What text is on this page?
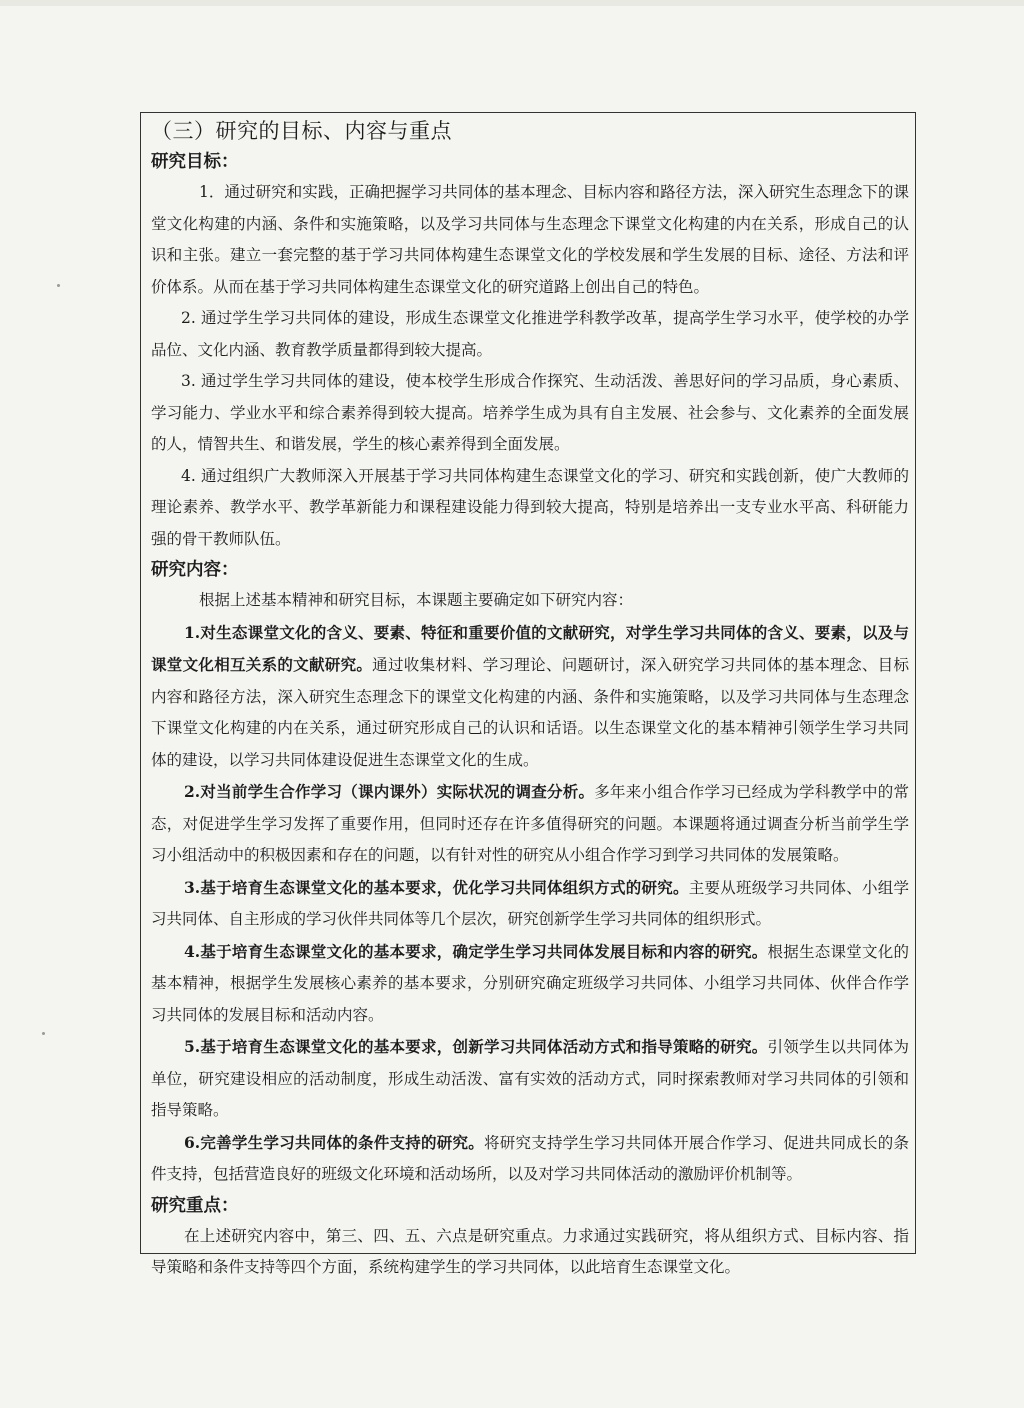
（三）研究的目标、内容与重点
研究目标：

1．通过研究和实践，正确把握学习共同体的基本理念、目标内容和路径方法，深入研究生态理念下的课堂文化构建的内涵、条件和实施策略，以及学习共同体与生态理念下课堂文化构建的内在关系，形成自己的认识和主张。建立一套完整的基于学习共同体构建生态课堂文化的学校发展和学生发展的目标、途径、方法和评价体系。从而在基于学习共同体构建生态课堂文化的研究道路上创出自己的特色。

2. 通过学生学习共同体的建设，形成生态课堂文化推进学科教学改革，提高学生学习水平，使学校的办学品位、文化内涵、教育教学质量都得到较大提高。

3. 通过学生学习共同体的建设，使本校学生形成合作探究、生动活泼、善思好问的学习品质，身心素质、学习能力、学业水平和综合素养得到较大提高。培养学生成为具有自主发展、社会参与、文化素养的全面发展的人，情智共生、和谐发展，学生的核心素养得到全面发展。

4. 通过组织广大教师深入开展基于学习共同体构建生态课堂文化的学习、研究和实践创新，使广大教师的理论素养、教学水平、教学革新能力和课程建设能力得到较大提高，特别是培养出一支专业水平高、科研能力强的骨干教师队伍。

研究内容：

根据上述基本精神和研究目标，本课题主要确定如下研究内容：

1.对生态课堂文化的含义、要素、特征和重要价值的文献研究，对学生学习共同体的含义、要素，以及与课堂文化相互关系的文献研究。通过收集材料、学习理论、问题研讨，深入研究学习共同体的基本理念、目标内容和路径方法，深入研究生态理念下的课堂文化构建的内涵、条件和实施策略，以及学习共同体与生态理念下课堂文化构建的内在关系，通过研究形成自己的认识和话语。以生态课堂文化的基本精神引领学生学习共同体的建设，以学习共同体建设促进生态课堂文化的生成。

2.对当前学生合作学习（课内课外）实际状况的调查分析。多年来小组合作学习已经成为学科教学中的常态，对促进学生学习发挥了重要作用，但同时还存在许多值得研究的问题。本课题将通过调查分析当前学生学习小组活动中的积极因素和存在的问题，以有针对性的研究从小组合作学习到学习共同体的发展策略。

3.基于培育生态课堂文化的基本要求，优化学习共同体组织方式的研究。主要从班级学习共同体、小组学习共同体、自主形成的学习伙伴共同体等几个层次，研究创新学生学习共同体的组织形式。

4.基于培育生态课堂文化的基本要求，确定学生学习共同体发展目标和内容的研究。根据生态课堂文化的基本精神，根据学生发展核心素养的基本要求，分别研究确定班级学习共同体、小组学习共同体、伙伴合作学习共同体的发展目标和活动内容。

5.基于培育生态课堂文化的基本要求，创新学习共同体活动方式和指导策略的研究。引领学生以共同体为单位，研究建设相应的活动制度，形成生动活泼、富有实效的活动方式，同时探索教师对学习共同体的引领和指导策略。

6.完善学生学习共同体的条件支持的研究。将研究支持学生学习共同体开展合作学习、促进共同成长的条件支持，包括营造良好的班级文化环境和活动场所，以及对学习共同体活动的激励评价机制等。

研究重点：

在上述研究内容中，第三、四、五、六点是研究重点。力求通过实践研究，将从组织方式、目标内容、指导策略和条件支持等四个方面，系统构建学生的学习共同体，以此培育生态课堂文化。
